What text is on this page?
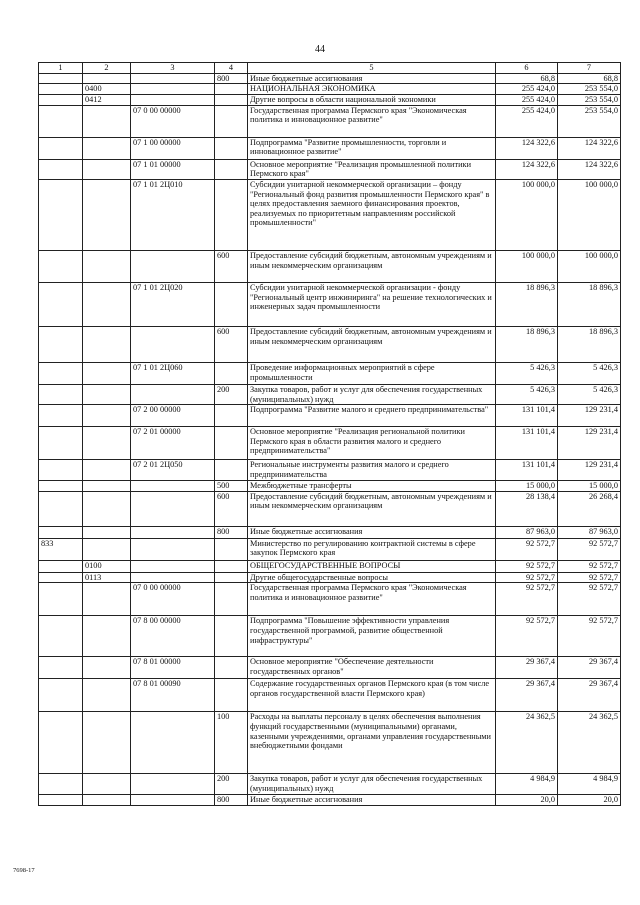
44
1	2	3	4	5	6	7
			800	Иные бюджетные ассигнования	68,8	68,8
	0400			НАЦИОНАЛЬНАЯ ЭКОНОМИКА	255 424,0	253 554,0
	0412			Другие вопросы в области национальной экономики	255 424,0	253 554,0
		07 0 00 00000		Государственная программа Пермского края "Экономическая политика и инновационное развитие"	255 424,0	253 554,0
		07 1 00 00000		Подпрограмма "Развитие промышленности, торговли и инновационное развитие"	124 322,6	124 322,6
		07 1 01 00000		Основное мероприятие "Реализация промышленной политики Пермского края"	124 322,6	124 322,6
		07 1 01 2Ц010		Субсидии унитарной некоммерческой организации – фонду "Региональный фонд развития промышленности Пермского края" в целях предоставления заемного финансирования проектов, реализуемых по приоритетным направлениям российской промышленности"	100 000,0	100 000,0
			600	Предоставление субсидий бюджетным, автономным учреждениям и иным некоммерческим организациям	100 000,0	100 000,0
		07 1 01 2Ц020		Субсидии унитарной некоммерческой организации - фонду "Региональный центр инжиниринга" на решение технологических и инженерных задач промышленности	18 896,3	18 896,3
			600	Предоставление субсидий бюджетным, автономным учреждениям и иным некоммерческим организациям	18 896,3	18 896,3
		07 1 01 2Ц060		Проведение информационных мероприятий в сфере промышленности	5 426,3	5 426,3
			200	Закупка товаров, работ и услуг для обеспечения государственных (муниципальных) нужд	5 426,3	5 426,3
		07 2 00 00000		Подпрограмма "Развитие малого и среднего предпринимательства"	131 101,4	129 231,4
		07 2 01 00000		Основное мероприятие "Реализация региональной политики Пермского края в области развития малого и среднего предпринимательства"	131 101,4	129 231,4
		07 2 01 2Ц050		Региональные инструменты развития малого и среднего предпринимательства	131 101,4	129 231,4
			500	Межбюджетные трансферты	15 000,0	15 000,0
			600	Предоставление субсидий бюджетным, автономным учреждениям и иным некоммерческим организациям	28 138,4	26 268,4
			800	Иные бюджетные ассигнования	87 963,0	87 963,0
833				Министерство по регулированию контрактной системы в сфере закупок Пермского края	92 572,7	92 572,7
	0100			ОБЩЕГОСУДАРСТВЕННЫЕ ВОПРОСЫ	92 572,7	92 572,7
	0113			Другие общегосударственные вопросы	92 572,7	92 572,7
		07 0 00 00000		Государственная программа Пермского края "Экономическая политика и инновационное развитие"	92 572,7	92 572,7
		07 8 00 00000		Подпрограмма "Повышение эффективности управления государственной программой, развитие общественной инфраструктуры"	92 572,7	92 572,7
		07 8 01 00000		Основное мероприятие "Обеспечение деятельности государственных органов"	29 367,4	29 367,4
		07 8 01 00090		Содержание государственных органов Пермского края (в том числе органов государственной власти Пермского края)	29 367,4	29 367,4
			100	Расходы на выплаты персоналу в целях обеспечения выполнения функций государственными (муниципальными) органами, казенными учреждениями, органами управления государственными внебюджетными фондами	24 362,5	24 362,5
			200	Закупка товаров, работ и услуг для обеспечения государственных (муниципальных) нужд	4 984,9	4 984,9
			800	Иные бюджетные ассигнования	20,0	20,0
7698-17
